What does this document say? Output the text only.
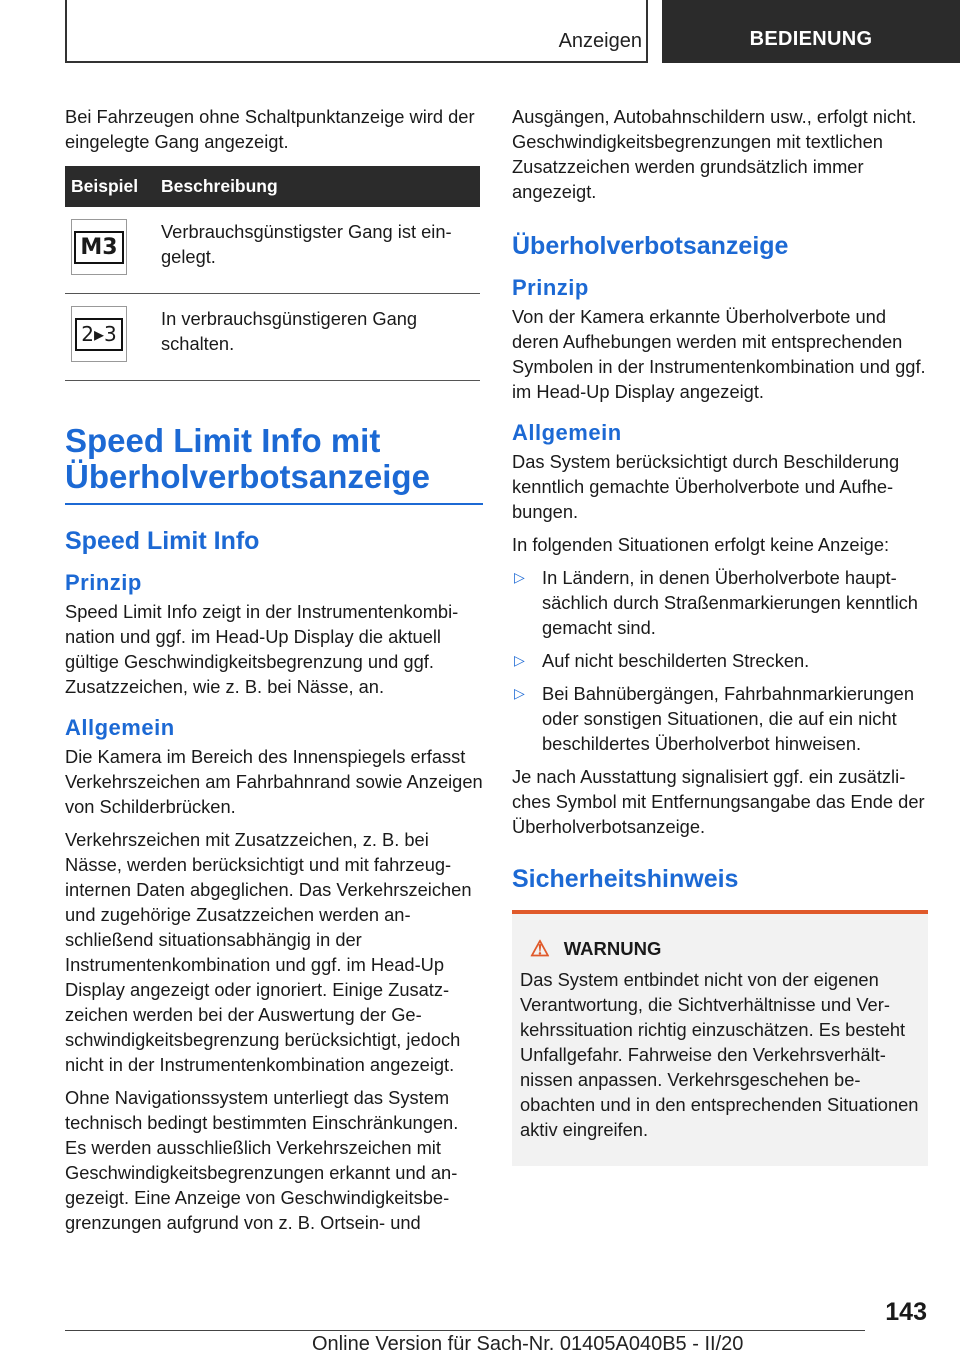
Anzeigen	BEDIENUNG

Bei Fahrzeugen ohne Schaltpunktanzeige wird der eingelegte Gang angezeigt.

Beispiel	Beschreibung

M3	Verbrauchsgünstigster Gang ist eingelegt.

2▸3	In verbrauchsgünstigeren Gang schalten.
Speed Limit Info mit Überholverbotsanzeige
Speed Limit Info
Prinzip

Speed Limit Info zeigt in der Instrumentenkombination und ggf. im Head-Up Display die aktuell gültige Geschwindigkeitsbegrenzung und ggf. Zusatzzeichen, wie z. B. bei Nässe, an.

Allgemein

Die Kamera im Bereich des Innenspiegels erfasst Verkehrszeichen am Fahrbahnrand sowie Anzeigen von Schilderbrücken.

Verkehrszeichen mit Zusatzzeichen, z. B. bei Nässe, werden berücksichtigt und mit fahrzeuginternen Daten abgeglichen. Das Verkehrszeichen und zugehörige Zusatzzeichen werden anschließend situationsabhängig in der Instrumentenkombination und ggf. im Head-Up Display angezeigt oder ignoriert. Einige Zusatzzeichen werden bei der Auswertung der Geschwindigkeitsbegrenzung berücksichtigt, jedoch nicht in der Instrumentenkombination angezeigt.

Ohne Navigationssystem unterliegt das System technisch bedingt bestimmten Einschränkungen. Es werden ausschließlich Verkehrszeichen mit Geschwindigkeitsbegrenzungen erkannt und angezeigt. Eine Anzeige von Geschwindigkeitsbegrenzungen aufgrund von z. B. Ortsein- und

Ausgängen, Autobahnschildern usw., erfolgt nicht. Geschwindigkeitsbegrenzungen mit textlichen Zusatzzeichen werden grundsätzlich immer angezeigt.

Überholverbotsanzeige
Prinzip

Von der Kamera erkannte Überholverbote und deren Aufhebungen werden mit entsprechenden Symbolen in der Instrumentenkombination und ggf. im Head-Up Display angezeigt.

Allgemein

Das System berücksichtigt durch Beschilderung kenntlich gemachte Überholverbote und Aufhebungen.

In folgenden Situationen erfolgt keine Anzeige:

▷ In Ländern, in denen Überholverbote hauptsächlich durch Straßenmarkierungen kenntlich gemacht sind.
▷ Auf nicht beschilderten Strecken.
▷ Bei Bahnübergängen, Fahrbahnmarkierungen oder sonstigen Situationen, die auf ein nicht beschildertes Überholverbot hinweisen.

Je nach Ausstattung signalisiert ggf. ein zusätzliches Symbol mit Entfernungsangabe das Ende der Überholverbotsanzeige.

Sicherheitshinweis
⚠ WARNUNG

Das System entbindet nicht von der eigenen Verantwortung, die Sichtverhältnisse und Verkehrssituation richtig einzuschätzen. Es besteht Unfallgefahr. Fahrweise den Verkehrsverhältnissen anpassen. Verkehrsgeschehen beobachten und in den entsprechenden Situationen aktiv eingreifen.

143
Online Version für Sach-Nr. 01405A040B5 - II/20
